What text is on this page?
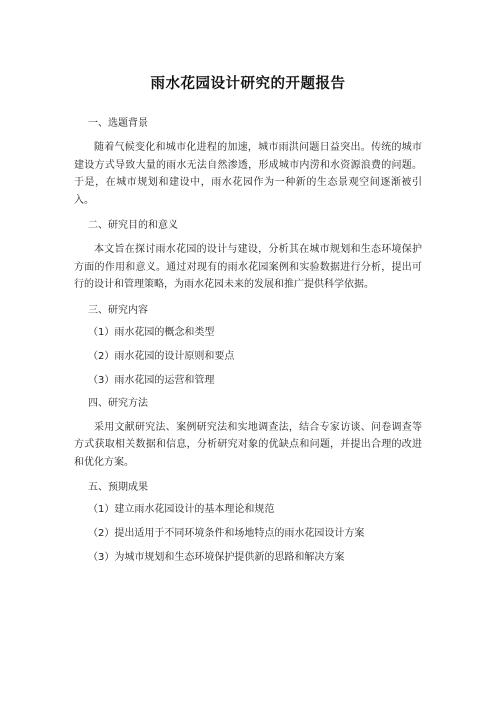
雨水花园设计研究的开题报告

一、选题背景

随着气候变化和城市化进程的加速，城市雨洪问题日益突出。传统的城市建设方式导致大量的雨水无法自然渗透，形成城市内涝和水资源浪费的问题。于是，在城市规划和建设中，雨水花园作为一种新的生态景观空间逐渐被引入。

二、研究目的和意义

本文旨在探讨雨水花园的设计与建设，分析其在城市规划和生态环境保护方面的作用和意义。通过对现有的雨水花园案例和实验数据进行分析，提出可行的设计和管理策略，为雨水花园未来的发展和推广提供科学依据。

三、研究内容

（1）雨水花园的概念和类型
（2）雨水花园的设计原则和要点
（3）雨水花园的运营和管理

四、研究方法

采用文献研究法、案例研究法和实地调查法，结合专家访谈、问卷调查等方式获取相关数据和信息，分析研究对象的优缺点和问题，并提出合理的改进和优化方案。

五、预期成果

（1）建立雨水花园设计的基本理论和规范
（2）提出适用于不同环境条件和场地特点的雨水花园设计方案
（3）为城市规划和生态环境保护提供新的思路和解决方案
